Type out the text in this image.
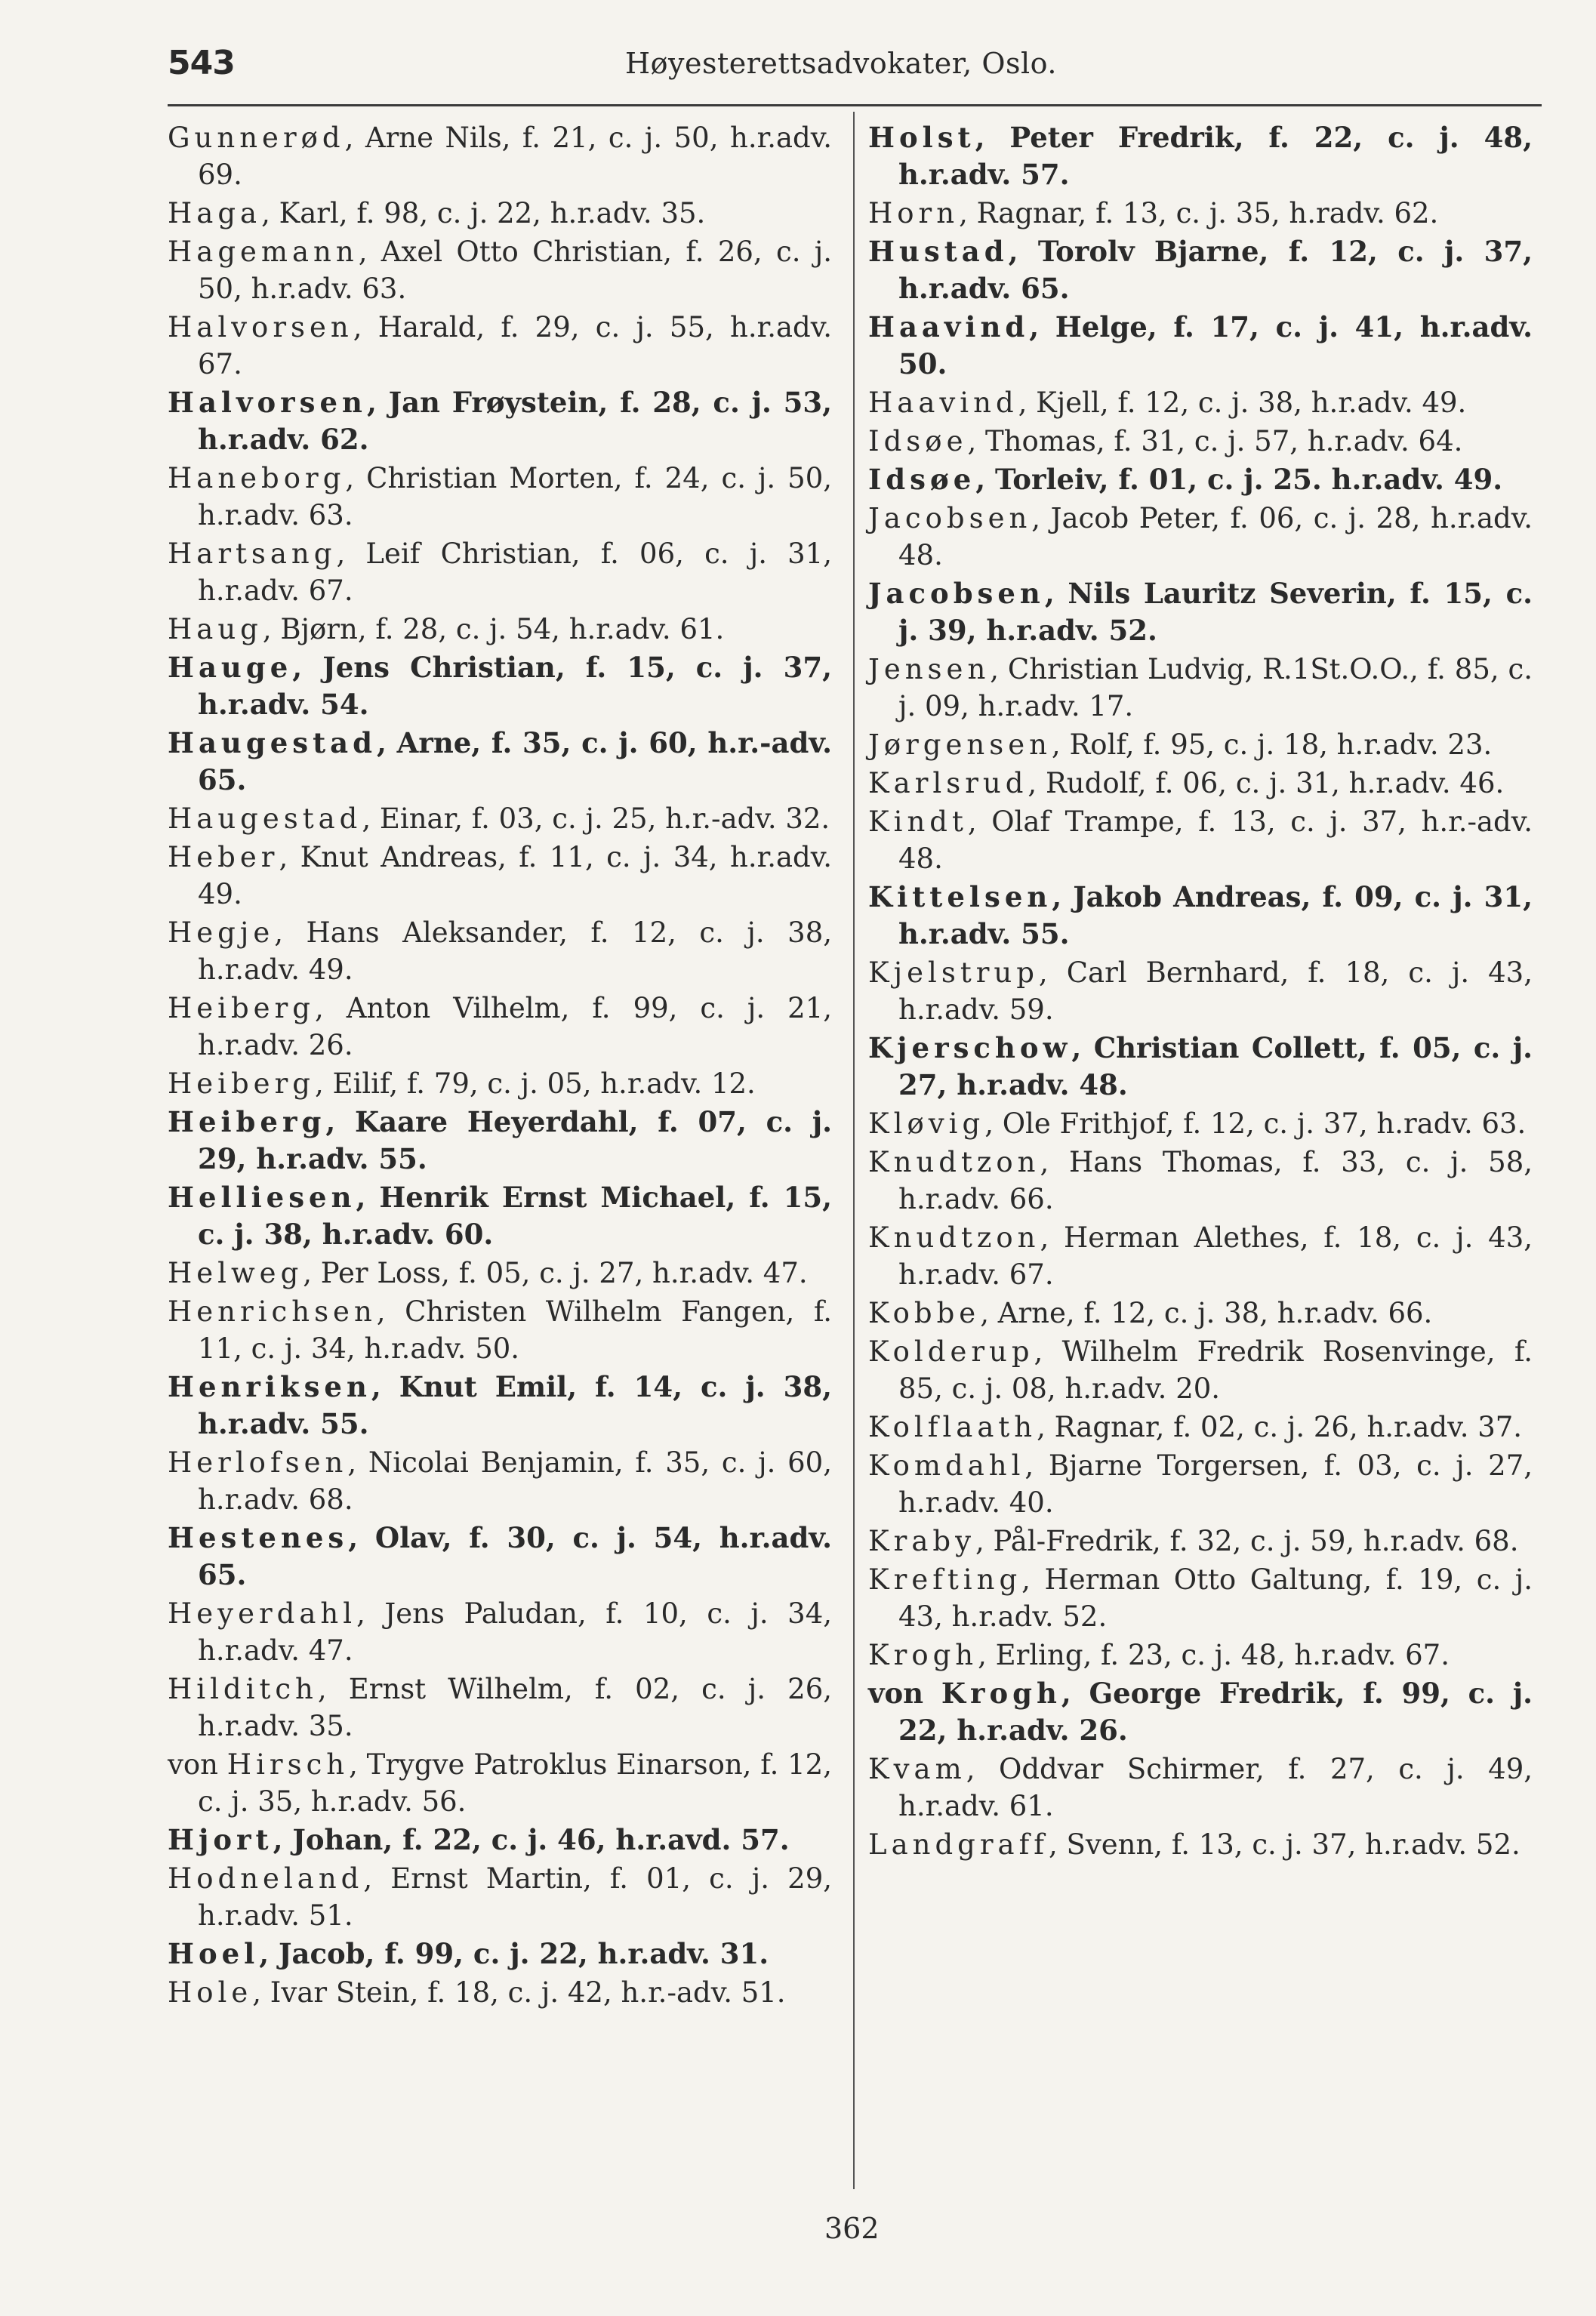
543	Høyesterettsadvokater, Oslo.
Gunnerød, Arne Nils, f. 21, c. j. 50, h.r.adv. 69.
Haga, Karl, f. 98, c. j. 22, h.r.adv. 35.
Hagemann, Axel Otto Christian, f. 26, c. j. 50, h.r.adv. 63.
Halvorsen, Harald, f. 29, c. j. 55, h.r.adv. 67.
Halvorsen, Jan Frøystein, f. 28, c. j. 53, h.r.adv. 62.
Haneborg, Christian Morten, f. 24, c. j. 50, h.r.adv. 63.
Hartsang, Leif Christian, f. 06, c. j. 31, h.r.adv. 67.
Haug, Bjørn, f. 28, c. j. 54, h.r.adv. 61.
Hauge, Jens Christian, f. 15, c. j. 37, h.r.adv. 54.
Haugestad, Arne, f. 35, c. j. 60, h.r.-adv. 65.
Haugestad, Einar, f. 03, c. j. 25, h.r.-adv. 32.
Heber, Knut Andreas, f. 11, c. j. 34, h.r.adv. 49.
Hegje, Hans Aleksander, f. 12, c. j. 38, h.r.adv. 49.
Heiberg, Anton Vilhelm, f. 99, c. j. 21, h.r.adv. 26.
Heiberg, Eilif, f. 79, c. j. 05, h.r.adv. 12.
Heiberg, Kaare Heyerdahl, f. 07, c. j. 29, h.r.adv. 55.
Helliesen, Henrik Ernst Michael, f. 15, c. j. 38, h.r.adv. 60.
Helweg, Per Loss, f. 05, c. j. 27, h.r.adv. 47.
Henrichsen, Christen Wilhelm Fangen, f. 11, c. j. 34, h.r.adv. 50.
Henriksen, Knut Emil, f. 14, c. j. 38, h.r.adv. 55.
Herlofsen, Nicolai Benjamin, f. 35, c. j. 60, h.r.adv. 68.
Hestenes, Olav, f. 30, c. j. 54, h.r.adv. 65.
Heyerdahl, Jens Paludan, f. 10, c. j. 34, h.r.adv. 47.
Hilditch, Ernst Wilhelm, f. 02, c. j. 26, h.r.adv. 35.
von Hirsch, Trygve Patroklus Einarson, f. 12, c. j. 35, h.r.adv. 56.
Hjort, Johan, f. 22, c. j. 46, h.r.avd. 57.
Hodneland, Ernst Martin, f. 01, c. j. 29, h.r.adv. 51.
Hoel, Jacob, f. 99, c. j. 22, h.r.adv. 31.
Hole, Ivar Stein, f. 18, c. j. 42, h.r.-adv. 51.
Holst, Peter Fredrik, f. 22, c. j. 48, h.r.adv. 57.
Horn, Ragnar, f. 13, c. j. 35, h.radv. 62.
Hustad, Torolv Bjarne, f. 12, c. j. 37, h.r.adv. 65.
Haavind, Helge, f. 17, c. j. 41, h.r.adv. 50.
Haavind, Kjell, f. 12, c. j. 38, h.r.adv. 49.
Idsøe, Thomas, f. 31, c. j. 57, h.r.adv. 64.
Idsøe, Torleiv, f. 01, c. j. 25. h.r.adv. 49.
Jacobsen, Jacob Peter, f. 06, c. j. 28, h.r.adv. 48.
Jacobsen, Nils Lauritz Severin, f. 15, c. j. 39, h.r.adv. 52.
Jensen, Christian Ludvig, R.1St.O.O., f. 85, c. j. 09, h.r.adv. 17.
Jørgensen, Rolf, f. 95, c. j. 18, h.r.adv. 23.
Karlsrud, Rudolf, f. 06, c. j. 31, h.r.adv. 46.
Kindt, Olaf Trampe, f. 13, c. j. 37, h.r.-adv. 48.
Kittelsen, Jakob Andreas, f. 09, c. j. 31, h.r.adv. 55.
Kjelstrup, Carl Bernhard, f. 18, c. j. 43, h.r.adv. 59.
Kjerschow, Christian Collett, f. 05, c. j. 27, h.r.adv. 48.
Kløvig, Ole Frithjof, f. 12, c. j. 37, h.radv. 63.
Knudtzon, Hans Thomas, f. 33, c. j. 58, h.r.adv. 66.
Knudtzon, Herman Alethes, f. 18, c. j. 43, h.r.adv. 67.
Kobbe, Arne, f. 12, c. j. 38, h.r.adv. 66.
Kolderup, Wilhelm Fredrik Rosenvinge, f. 85, c. j. 08, h.r.adv. 20.
Kolflaath, Ragnar, f. 02, c. j. 26, h.r.adv. 37.
Komdahl, Bjarne Torgersen, f. 03, c. j. 27, h.r.adv. 40.
Kraby, Pål-Fredrik, f. 32, c. j. 59, h.r.adv. 68.
Krefting, Herman Otto Galtung, f. 19, c. j. 43, h.r.adv. 52.
Krogh, Erling, f. 23, c. j. 48, h.r.adv. 67.
von Krogh, George Fredrik, f. 99, c. j. 22, h.r.adv. 26.
Kvam, Oddvar Schirmer, f. 27, c. j. 49, h.r.adv. 61.
Landgraff, Svenn, f. 13, c. j. 37, h.r.adv. 52.
362
